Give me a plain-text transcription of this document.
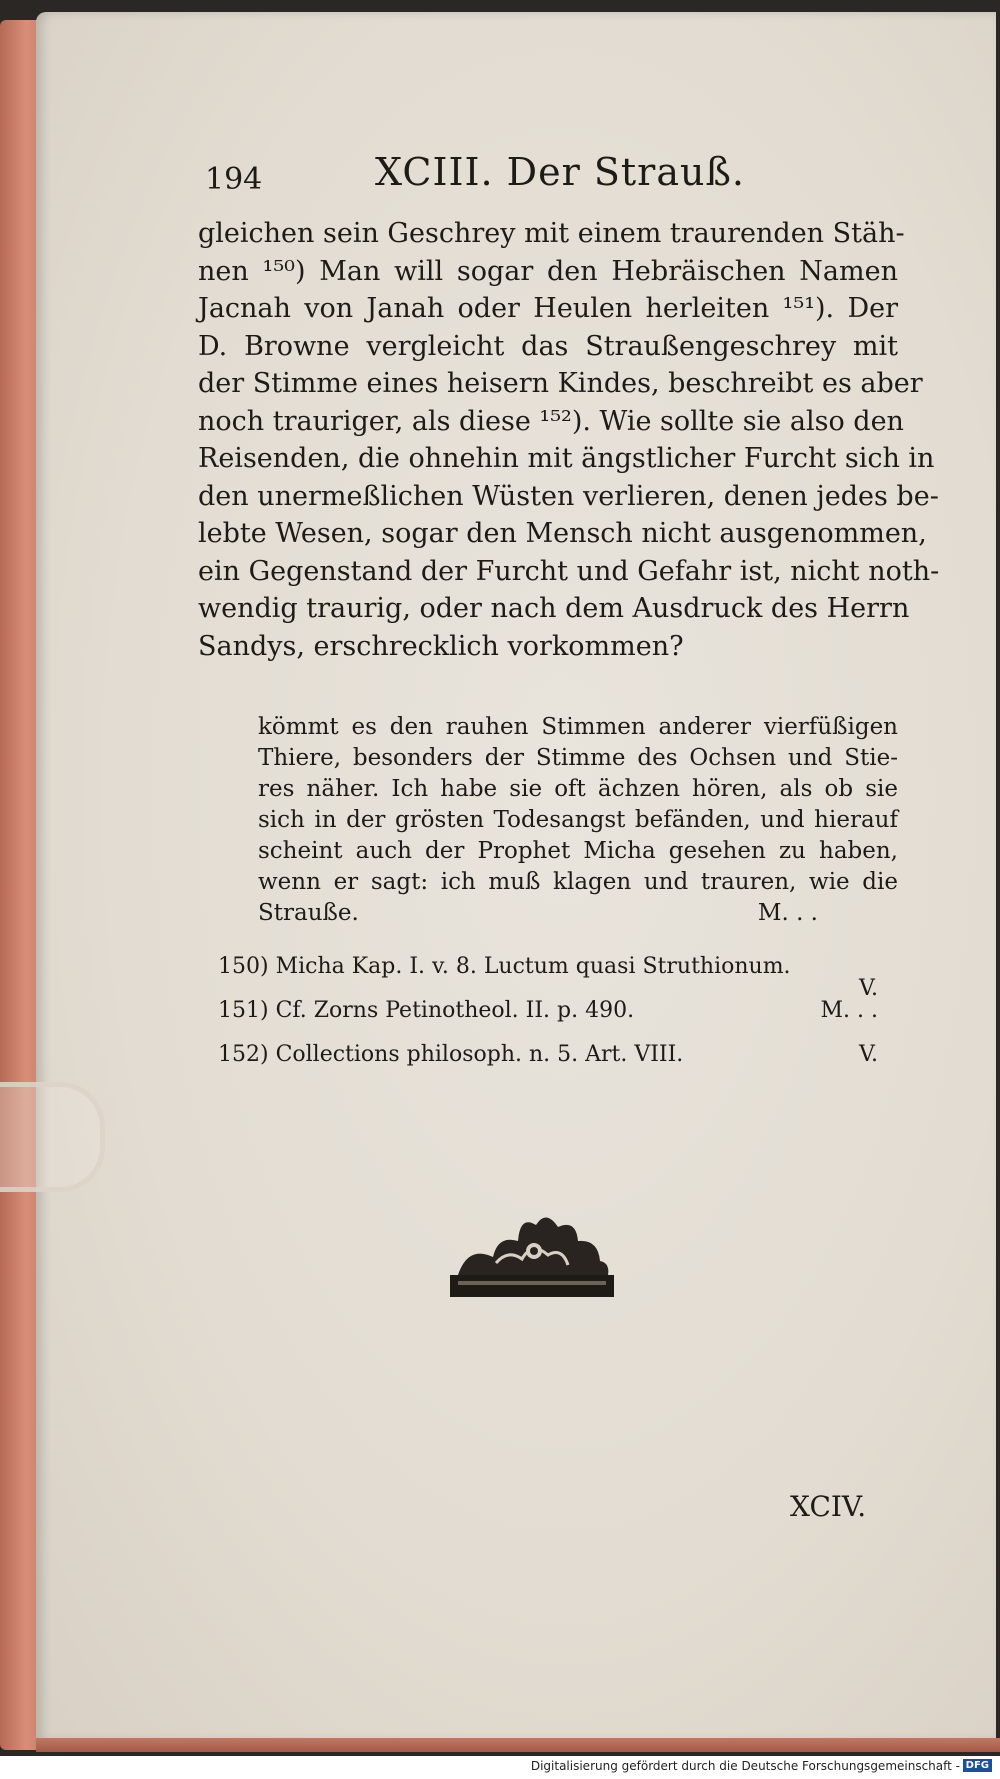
194	XCIII. Der Strauß.
gleichen sein Geschrey mit einem traurenden Stäh-
nen ¹⁵⁰) Man will sogar den Hebräischen Namen
Jacnah von Janah oder Heulen herleiten ¹⁵¹). Der
D. Browne vergleicht das Straußengeschrey mit
der Stimme eines heisern Kindes, beschreibt es aber
noch trauriger, als diese ¹⁵²). Wie sollte sie also den
Reisenden, die ohnehin mit ängstlicher Furcht sich in
den unermeßlichen Wüsten verlieren, denen jedes be-
lebte Wesen, sogar den Mensch nicht ausgenommen,
ein Gegenstand der Furcht und Gefahr ist, nicht noth-
wendig traurig, oder nach dem Ausdruck des Herrn
Sandys, erschrecklich vorkommen?
kömmt es den rauhen Stimmen anderer vierfüßigen
Thiere, besonders der Stimme des Ochsen und Stie-
res näher. Ich habe sie oft ächzen hören, als ob sie
sich in der grösten Todesangst befänden, und hierauf
scheint auch der Prophet Micha gesehen zu haben,
wenn er sagt: ich muß klagen und trauren, wie die
Strauße.	M. . .
150) Micha Kap. I. v. 8. Luctum quasi Struthionum.
V.
151) Cf. Zorns Petinotheol. II. p. 490.	M. . .
152) Collections philosoph. n. 5. Art. VIII.	V.
XCIV.
Digitalisierung gefördert durch die Deutsche Forschungsgemeinschaft - DFG
